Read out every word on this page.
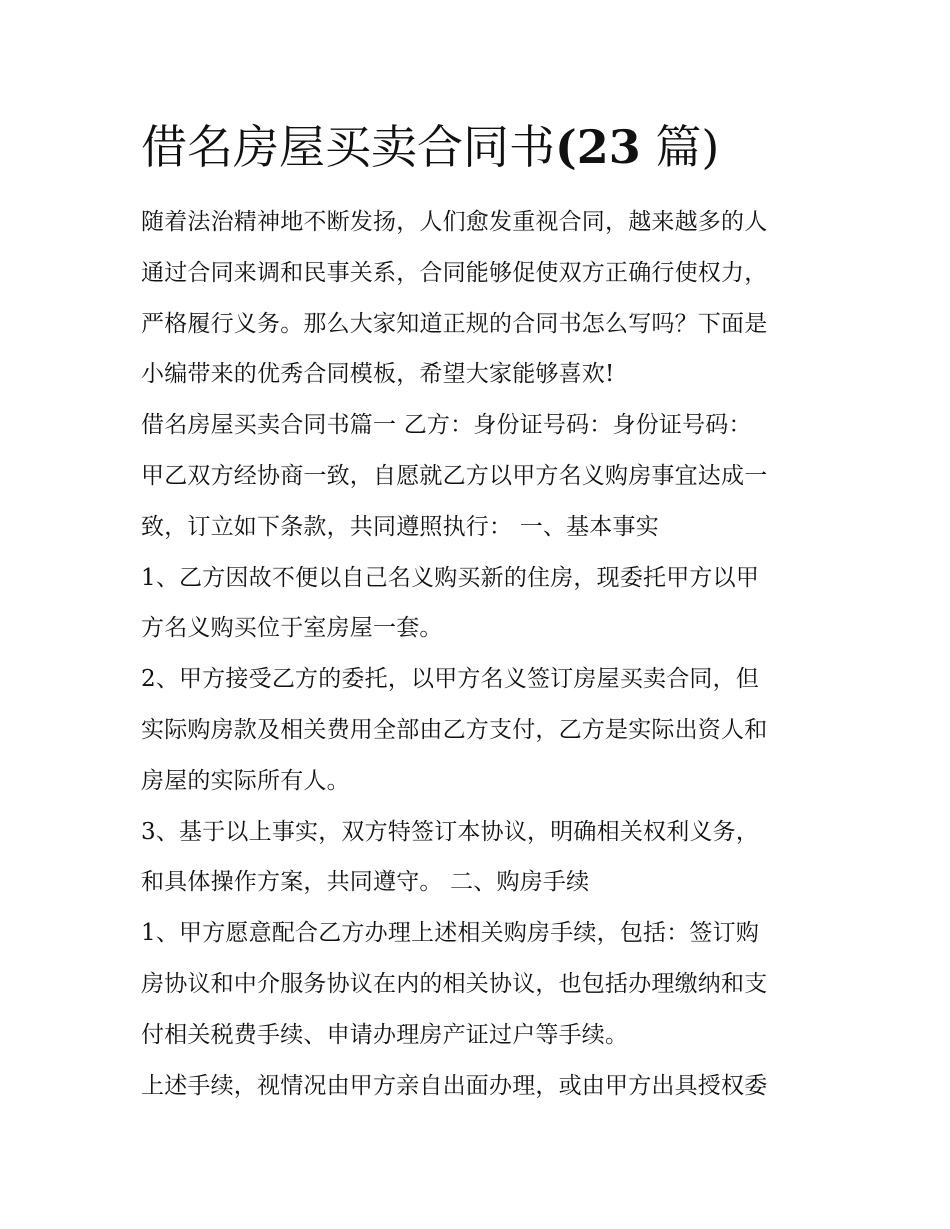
借名房屋买卖合同书(23 篇)
随着法治精神地不断发扬，人们愈发重视合同，越来越多的人
通过合同来调和民事关系，合同能够促使双方正确行使权力，
严格履行义务。那么大家知道正规的合同书怎么写吗？下面是
小编带来的优秀合同模板，希望大家能够喜欢!
借名房屋买卖合同书篇一 乙方：身份证号码：身份证号码：
甲乙双方经协商一致，自愿就乙方以甲方名义购房事宜达成一
致，订立如下条款，共同遵照执行： 一、基本事实
1、乙方因故不便以自己名义购买新的住房，现委托甲方以甲
方名义购买位于室房屋一套。
2、甲方接受乙方的委托，以甲方名义签订房屋买卖合同，但
实际购房款及相关费用全部由乙方支付，乙方是实际出资人和
房屋的实际所有人。
3、基于以上事实，双方特签订本协议，明确相关权利义务，
和具体操作方案，共同遵守。 二、购房手续
1、甲方愿意配合乙方办理上述相关购房手续，包括：签订购
房协议和中介服务协议在内的相关协议，也包括办理缴纳和支
付相关税费手续、申请办理房产证过户等手续。
上述手续，视情况由甲方亲自出面办理，或由甲方出具授权委
